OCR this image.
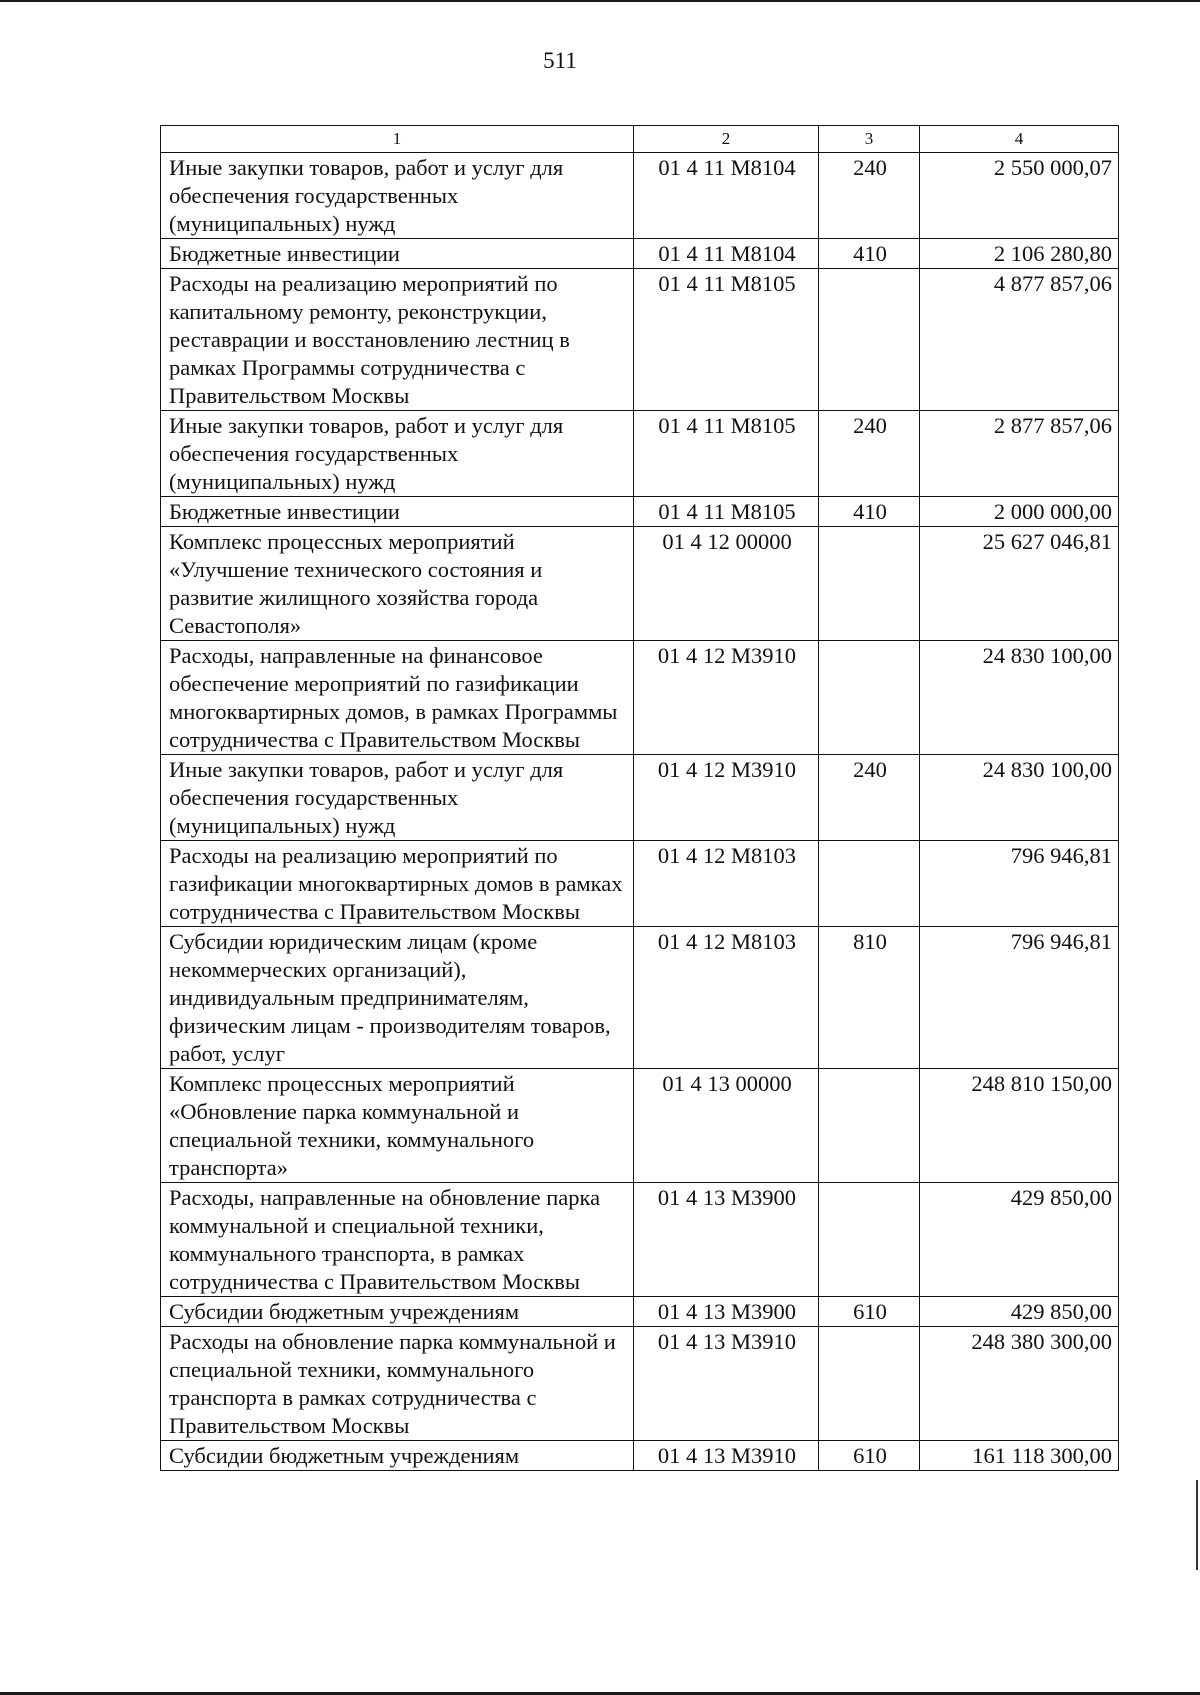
511
1	2	3	4
Иные закупки товаров, работ и услуг для обеспечения государственных (муниципальных) нужд	01 4 11 М8104	240	2 550 000,07
Бюджетные инвестиции	01 4 11 М8104	410	2 106 280,80
Расходы на реализацию мероприятий по капитальному ремонту, реконструкции, реставрации и восстановлению лестниц в рамках Программы сотрудничества с Правительством Москвы	01 4 11 М8105		4 877 857,06
Иные закупки товаров, работ и услуг для обеспечения государственных (муниципальных) нужд	01 4 11 М8105	240	2 877 857,06
Бюджетные инвестиции	01 4 11 М8105	410	2 000 000,00
Комплекс процессных мероприятий «Улучшение технического состояния и развитие жилищного хозяйства города Севастополя»	01 4 12 00000		25 627 046,81
Расходы, направленные на финансовое обеспечение мероприятий по газификации многоквартирных домов, в рамках Программы сотрудничества с Правительством Москвы	01 4 12 М3910		24 830 100,00
Иные закупки товаров, работ и услуг для обеспечения государственных (муниципальных) нужд	01 4 12 М3910	240	24 830 100,00
Расходы на реализацию мероприятий по газификации многоквартирных домов в рамках сотрудничества с Правительством Москвы	01 4 12 М8103		796 946,81
Субсидии юридическим лицам (кроме некоммерческих организаций), индивидуальным предпринимателям, физическим лицам - производителям товаров, работ, услуг	01 4 12 М8103	810	796 946,81
Комплекс процессных мероприятий «Обновление парка коммунальной и специальной техники, коммунального транспорта»	01 4 13 00000		248 810 150,00
Расходы, направленные на обновление парка коммунальной и специальной техники, коммунального транспорта, в рамках сотрудничества с Правительством Москвы	01 4 13 М3900		429 850,00
Субсидии бюджетным учреждениям	01 4 13 М3900	610	429 850,00
Расходы на обновление парка коммунальной и специальной техники, коммунального транспорта в рамках сотрудничества с Правительством Москвы	01 4 13 М3910		248 380 300,00
Субсидии бюджетным учреждениям	01 4 13 М3910	610	161 118 300,00
